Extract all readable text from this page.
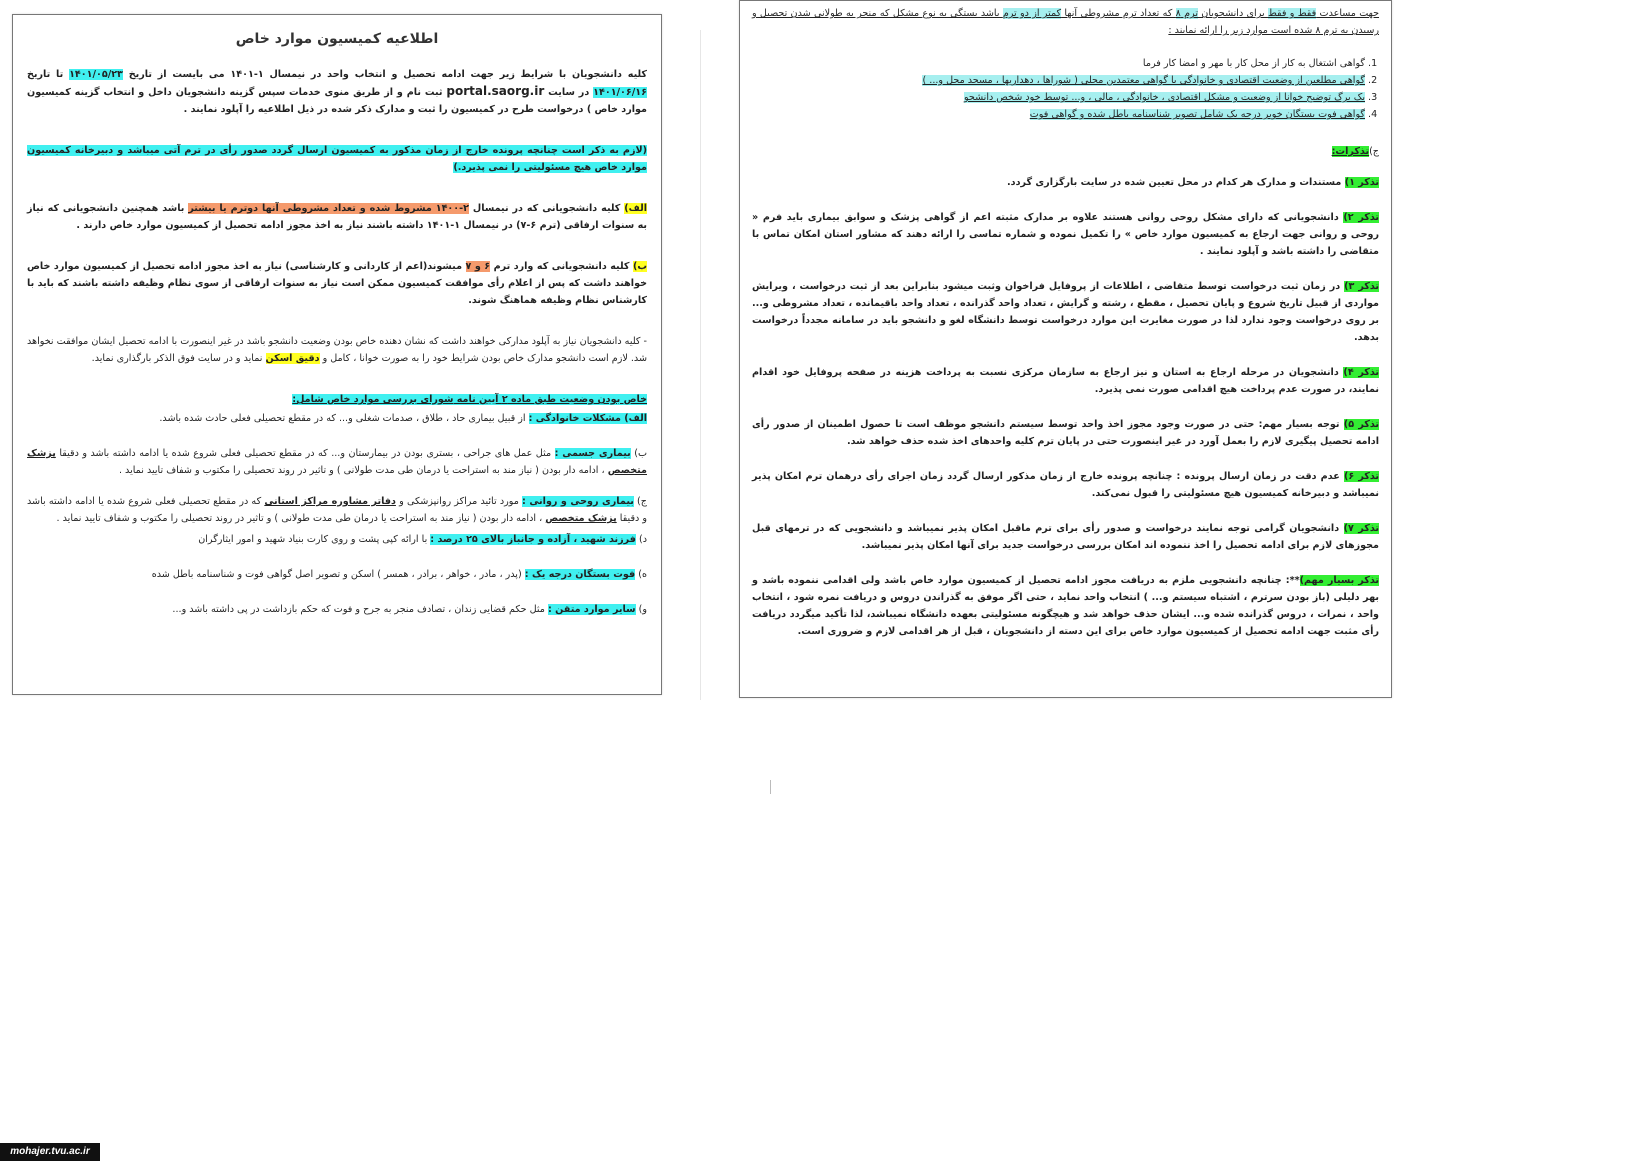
اطلاعیه کمیسیون موارد خاص

کلیه دانشجویان با شرایط زیر جهت ادامه تحصیل و انتخاب واحد در نیمسال ۱-۱۴۰۱ می بایست از تاریخ ۱۴۰۱/۰۵/۲۳ تا تاریخ ۱۴۰۱/۰۶/۱۶ در سایت portal.saorg.ir ثبت نام و از طریق منوی خدمات سپس گزینه دانشجویان داخل و انتخاب گزینه کمیسیون موارد خاص ) درخواست طرح در کمیسیون را ثبت و مدارک ذکر شده در ذیل اطلاعیه را آپلود نمایند .

(لازم به ذکر است چنانچه پرونده خارج از زمان مذکور به کمیسیون ارسال گردد صدور رأی در ترم آتی میباشد و دبیرخانه کمیسیون موارد خاص هیچ مسئولیتی را نمی پذیرد.)

الف) کلیه دانشجویانی که در نیمسال ۲-۱۴۰۰ مشروط شده و تعداد مشروطی آنها دوترم یا بیشتر باشد همچنین دانشجویانی که نیاز به سنوات ارفاقی (ترم ۶-۷) در نیمسال ۱-۱۴۰۱ داشته باشند نیاز به اخذ مجوز ادامه تحصیل از کمیسیون موارد خاص دارند .

ب) کلیه دانشجویانی که وارد ترم ۶ و ۷ میشوند(اعم از کاردانی و کارشناسی) نیاز به اخذ مجوز ادامه تحصیل از کمیسیون موارد خاص خواهند داشت که پس از اعلام رأی موافقت کمیسیون ممکن است نیاز به سنوات ارفاقی از سوی نظام وظیفه داشته باشند که باید با کارشناس نظام وظیفه هماهنگ شوند.

- کلیه دانشجویان نیاز به آپلود مدارکی خواهند داشت که نشان دهنده خاص بودن وضعیت دانشجو باشد در غیر اینصورت با ادامه تحصیل ایشان موافقت نخواهد شد. لازم است دانشجو مدارک خاص بودن شرایط خود را به صورت خوانا ، کامل و دقیق اسکن نماید و در سایت فوق الذکر بارگذاری نماید.

خاص بودن وضعیت طبق ماده ۲ آیین نامه شورای بررسی موارد خاص شامل:

الف) مشکلات خانوادگی : از قبیل بیماری حاد ، طلاق ، صدمات شغلی و... که در مقطع تحصیلی فعلی حادث شده باشد.

ب) بیماری جسمی : مثل عمل های جراحی ، بستری بودن در بیمارستان و... که در مقطع تحصیلی فعلی شروع شده یا ادامه داشته باشد و دقیقا پزشک متخصص ، ادامه دار بودن ( نیاز مند به استراحت یا درمان طی مدت طولانی ) و تاثیر در روند تحصیلی را مکتوب و شفاف تایید نماید .

ج) بیماری روحی و روانی : مورد تائید مراکز روانپزشکی و دفاتر مشاوره مراکز استانی که در مقطع تحصیلی فعلی شروع شده یا ادامه داشته باشد و دقیقا پزشک متخصص ، ادامه دار بودن ( نیاز مند به استراحت یا درمان طی مدت طولانی ) و تاثیر در روند تحصیلی را مکتوب و شفاف تایید نماید .

د) فرزند شهید ، آزاده و جانباز بالای ۲۵ درصد : با ارائه کپی پشت و روی کارت بنیاد شهید و امور ایثارگران

ه) فوت بستگان درجه یک : (پدر ، مادر ، خواهر ، برادر ، همسر ) اسکن و تصویر اصل گواهی فوت و شناسنامه باطل شده

و) سایر موارد متقن : مثل حکم قضایی زندان ، تصادف منجر به جرح و فوت که حکم بازداشت در پی داشته باشد و...

جهت مساعدت فقط و فقط برای دانشجویان ترم ۸ که تعداد ترم مشروطی آنها کمتر از دو ترم باشد بستگی به نوع مشکل که منجر به طولانی شدن تحصیل و رسیدن به ترم ۸ شده است موارد زیر را ارائه نمایند :

1. گواهی اشتغال به کار از محل کار با مهر و امضا کار فرما
2. گواهی مطلعین از وضعیت اقتصادی و خانوادگی یا گواهی معتمدین محلی ( شوراها ، دهداریها ، مسجد محل و... )
3. یک برگ توضیح خوانا از وضعیت و مشکل اقتصادی ، خانوادگی ، مالی ، و... توسط خود شخص دانشجو
4. گواهی فوت بستگان خویر درجه یک شامل تصویر شناسنامه باطل شده و گواهی فوت

ج)تذکرات:

تذکر ۱) مستندات و مدارک هر کدام در محل تعیین شده در سایت بارگزاری گردد.

تذکر ۲) دانشجویانی که دارای مشکل روحی روانی هستند علاوه بر مدارک مثبته اعم از گواهی پزشک و سوابق بیماری باید فرم « روحی و روانی جهت ارجاع به کمیسیون موارد خاص » را تکمیل نموده و شماره تماسی را ارائه دهند که مشاور استان امکان تماس با متقاضی را داشته باشد و آپلود نمایند .

تذکر ۳) در زمان ثبت درخواست توسط متقاضی ، اطلاعات از پروفایل فراخوان وثبت میشود بنابراین بعد از ثبت درخواست ، ویرایش مواردی از قبیل تاریخ شروع و پایان تحصیل ، مقطع ، رشته و گرایش ، تعداد واحد گذرانده ، تعداد واحد باقیمانده ، تعداد مشروطی و... بر روی درخواست وجود ندارد لذا در صورت مغایرت این موارد درخواست توسط دانشگاه لغو و دانشجو باید در سامانه مجدداً درخواست بدهد.

تذکر ۴) دانشجویان در مرحله ارجاع به استان و نیز ارجاع به سازمان مرکزی نسبت به پرداخت هزینه در صفحه پروفایل خود اقدام نمایند، در صورت عدم پرداخت هیچ اقدامی صورت نمی پذیرد.

تذکر ۵) توجه بسیار مهم: حتی در صورت وجود مجوز اخذ واحد توسط سیستم دانشجو موظف است تا حصول اطمینان از صدور رأی ادامه تحصیل پیگیری لازم را بعمل آورد در غیر اینصورت حتی در پایان ترم کلیه واحدهای اخذ شده حذف خواهد شد.

تذکر ۶) عدم دقت در زمان ارسال پرونده : چنانچه پرونده خارج از زمان مذکور ارسال گردد زمان اجرای رأی درهمان ترم امکان پذیر نمیباشد و دبیرخانه کمیسیون هیچ مسئولیتی را قبول نمی‌کند.

تذکر ۷) دانشجویان گرامی توجه نمایند درخواست و صدور رأی برای ترم ماقبل امکان پذیر نمیباشد و دانشجویی که در ترمهای قبل مجوزهای لازم برای ادامه تحصیل را اخذ ننموده اند امکان بررسی درخواست جدید برای آنها امکان پذیر نمیباشد.

تذکر بسیار مهم)**: چنانچه دانشجویی ملزم به دریافت مجوز ادامه تحصیل از کمیسیون موارد خاص باشد ولی اقدامی ننموده باشد و بهر دلیلی (باز بودن سرترم ، اشتباه سیستم و... ) انتخاب واحد نماید ، حتی اگر موفق به گذراندن دروس و دریافت نمره شود ، انتخاب واحد ، نمرات ، دروس گذرانده شده و... ایشان حذف خواهد شد و هیچگونه مسئولیتی بعهده دانشگاه نمیباشد، لذا تأکید میگردد دریافت رأی مثبت جهت ادامه تحصیل از کمیسیون موارد خاص برای این دسته از دانشجویان ، قبل از هر اقدامی لازم و ضروری است.

mohajer.tvu.ac.ir
